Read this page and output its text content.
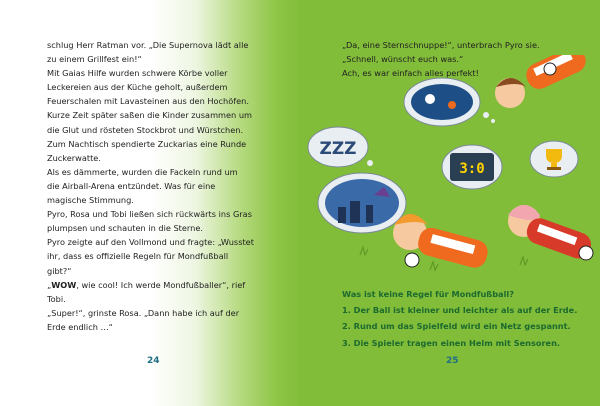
schlug Herr Ratman vor. „Die Supernova lädt alle

zu einem Grillfest ein!“

Mit Gaias Hilfe wurden schwere Körbe voller

Leckereien aus der Küche geholt, außerdem

Feuerschalen mit Lavasteinen aus den Hochöfen.

Kurze Zeit später saßen die Kinder zusammen um

die Glut und rösteten Stockbrot und Würstchen.

Zum Nachtisch spendierte Zuckarias eine Runde

Zuckerwatte.

Als es dämmerte, wurden die Fackeln rund um

die Airball-Arena entzündet. Was für eine

magische Stimmung.

Pyro, Rosa und Tobi ließen sich rückwärts ins Gras

plumpsen und schauten in die Sterne.

Pyro zeigte auf den Vollmond und fragte: „Wusstet

ihr, dass es offizielle Regeln für Mondfußball

gibt?“

„WOW, wie cool! Ich werde Mondfußballer“, rief

Tobi.

„Super!“, grinste Rosa. „Dann habe ich auf der

Erde endlich …“

24

„Da, eine Sternschnuppe!“, unterbrach Pyro sie.

„Schnell, wünscht euch was.“

Ach, es war einfach alles perfekt!

ZZZ
3:0

Was ist keine Regel für Mondfußball?

1. Der Ball ist kleiner und leichter als auf der Erde.

2. Rund um das Spielfeld wird ein Netz gespannt.

3. Die Spieler tragen einen Helm mit Sensoren.

25
